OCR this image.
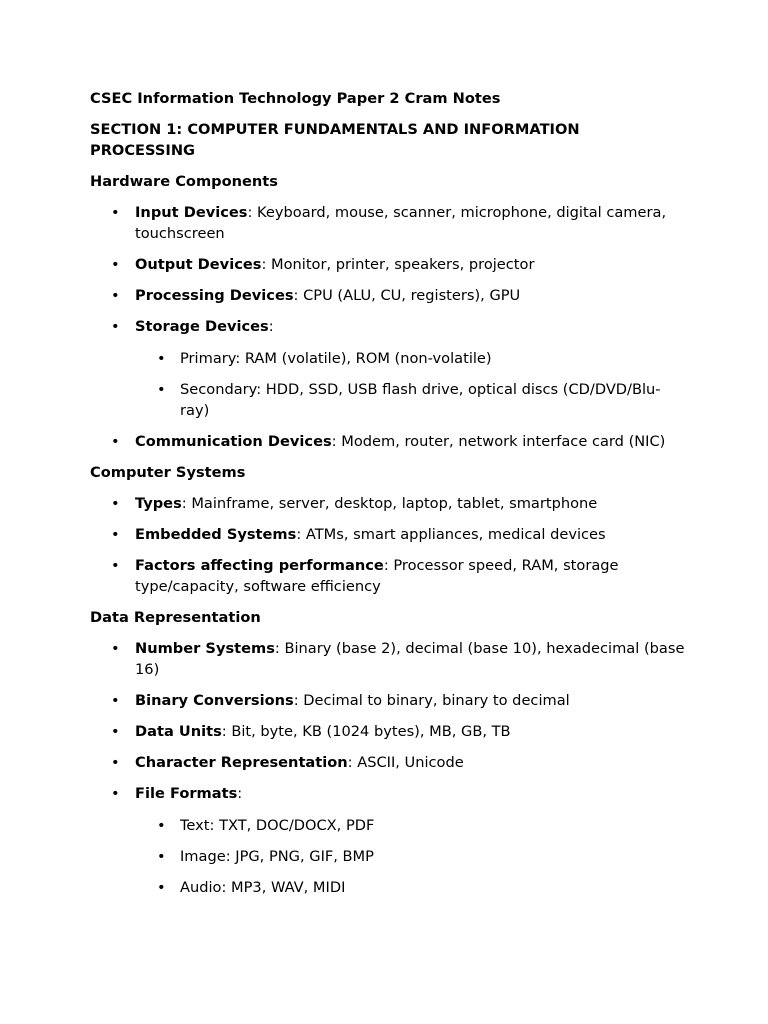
CSEC Information Technology Paper 2 Cram Notes
SECTION 1: COMPUTER FUNDAMENTALS AND INFORMATION PROCESSING
Hardware Components
• Input Devices: Keyboard, mouse, scanner, microphone, digital camera, touchscreen
• Output Devices: Monitor, printer, speakers, projector
• Processing Devices: CPU (ALU, CU, registers), GPU
• Storage Devices:
• Primary: RAM (volatile), ROM (non-volatile)
• Secondary: HDD, SSD, USB flash drive, optical discs (CD/DVD/Blu-ray)
• Communication Devices: Modem, router, network interface card (NIC)
Computer Systems
• Types: Mainframe, server, desktop, laptop, tablet, smartphone
• Embedded Systems: ATMs, smart appliances, medical devices
• Factors affecting performance: Processor speed, RAM, storage type/capacity, software efficiency
Data Representation
• Number Systems: Binary (base 2), decimal (base 10), hexadecimal (base 16)
• Binary Conversions: Decimal to binary, binary to decimal
• Data Units: Bit, byte, KB (1024 bytes), MB, GB, TB
• Character Representation: ASCII, Unicode
• File Formats:
• Text: TXT, DOC/DOCX, PDF
• Image: JPG, PNG, GIF, BMP
• Audio: MP3, WAV, MIDI
